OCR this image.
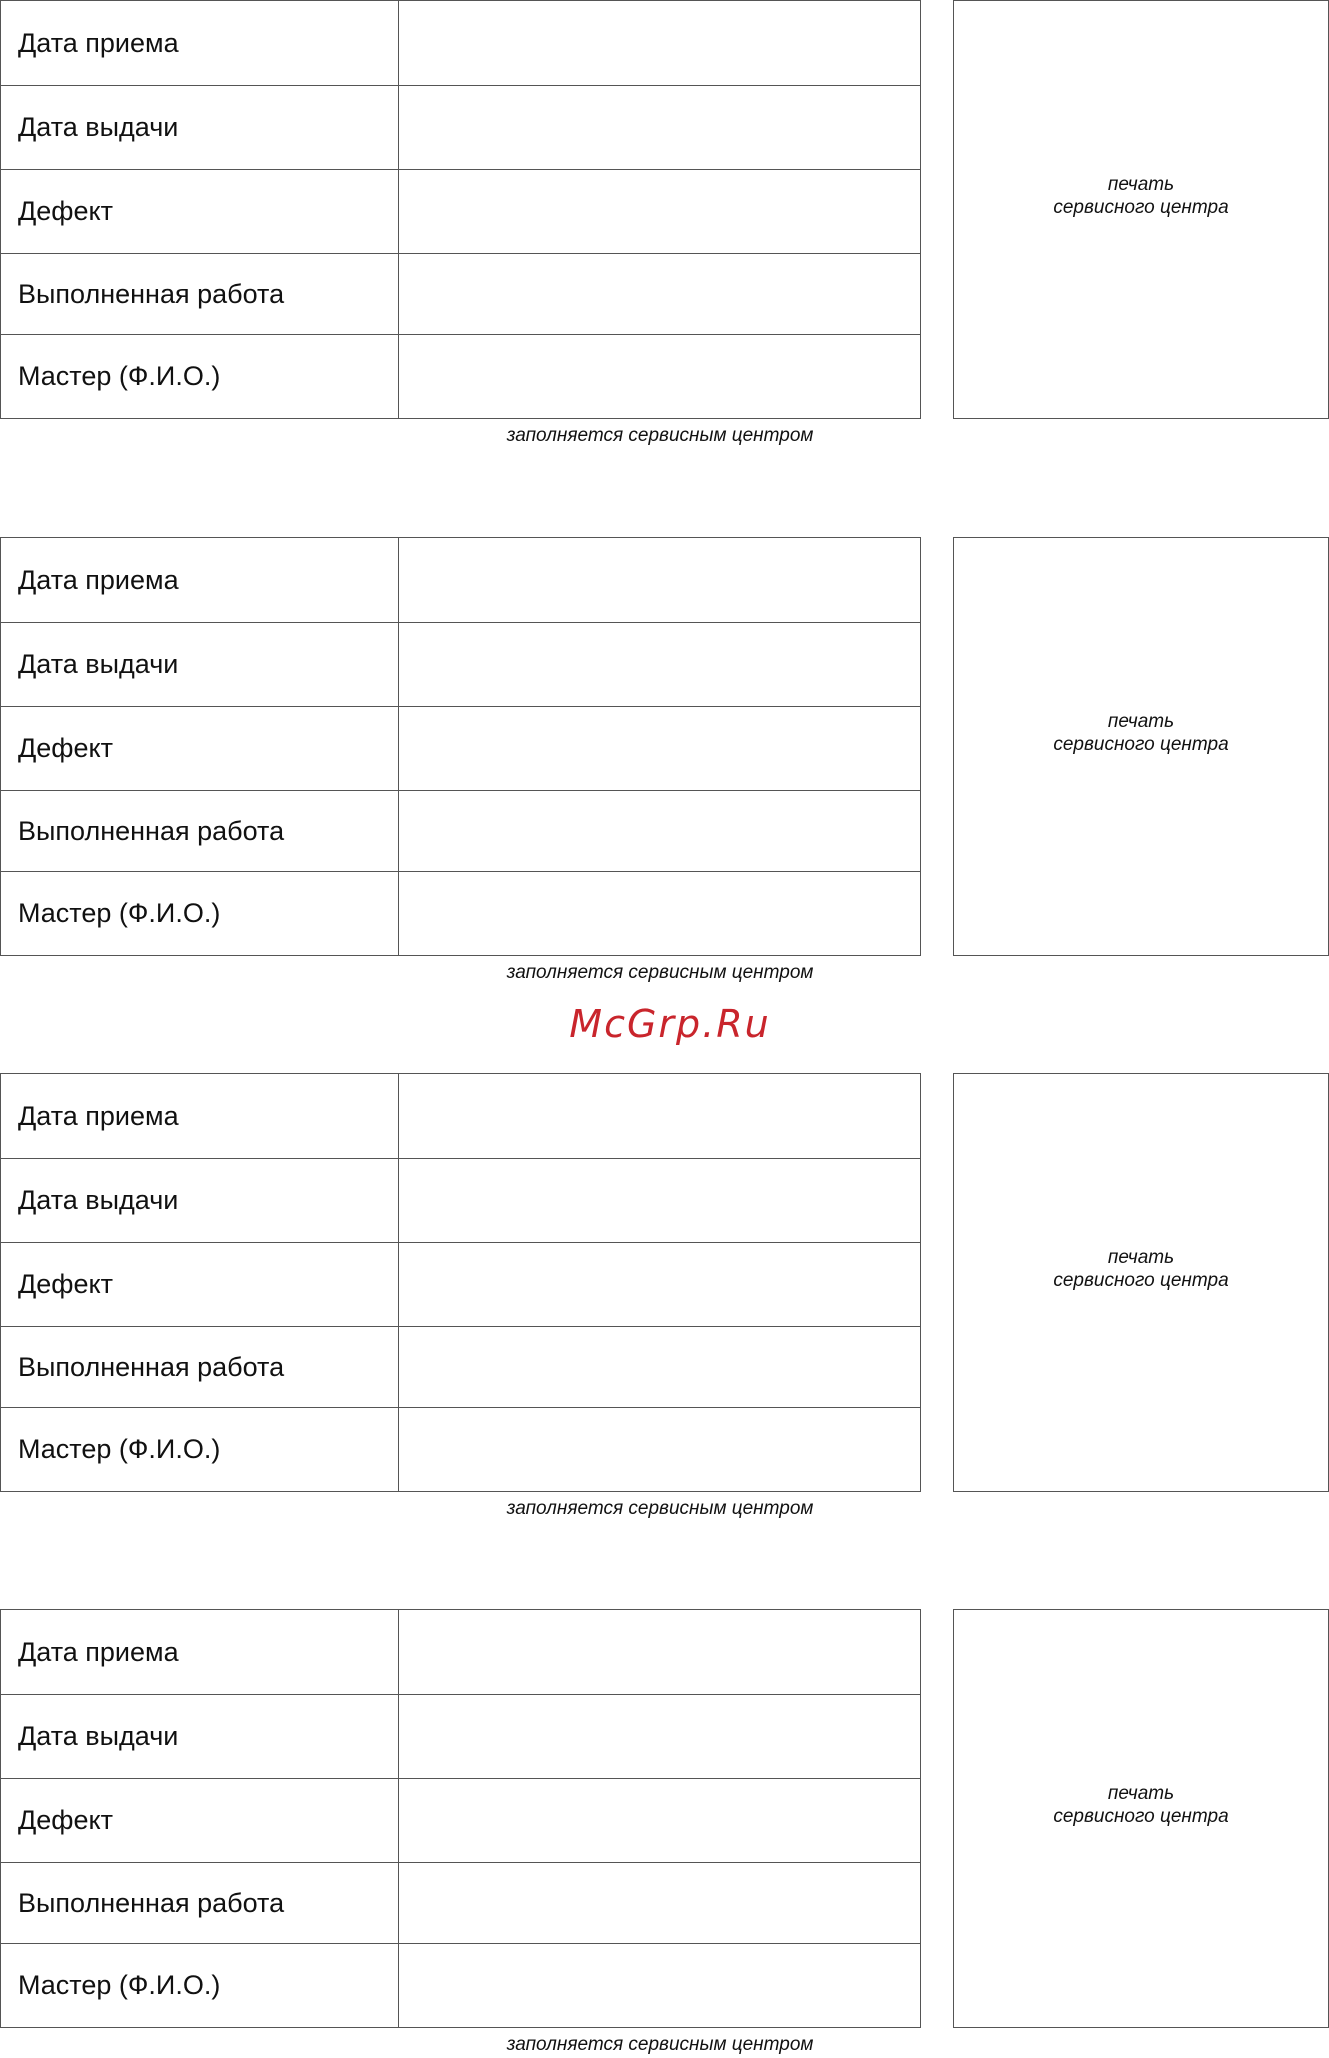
Дата приема
Дата выдачи
Дефект
Выполненная работа
Мастер (Ф.И.О.)
печать
сервисного центра
заполняется сервисным центром
Дата приема
Дата выдачи
Дефект
Выполненная работа
Мастер (Ф.И.О.)
печать
сервисного центра
заполняется сервисным центром
McGrp.Ru
Дата приема
Дата выдачи
Дефект
Выполненная работа
Мастер (Ф.И.О.)
печать
сервисного центра
заполняется сервисным центром
Дата приема
Дата выдачи
Дефект
Выполненная работа
Мастер (Ф.И.О.)
печать
сервисного центра
заполняется сервисным центром
